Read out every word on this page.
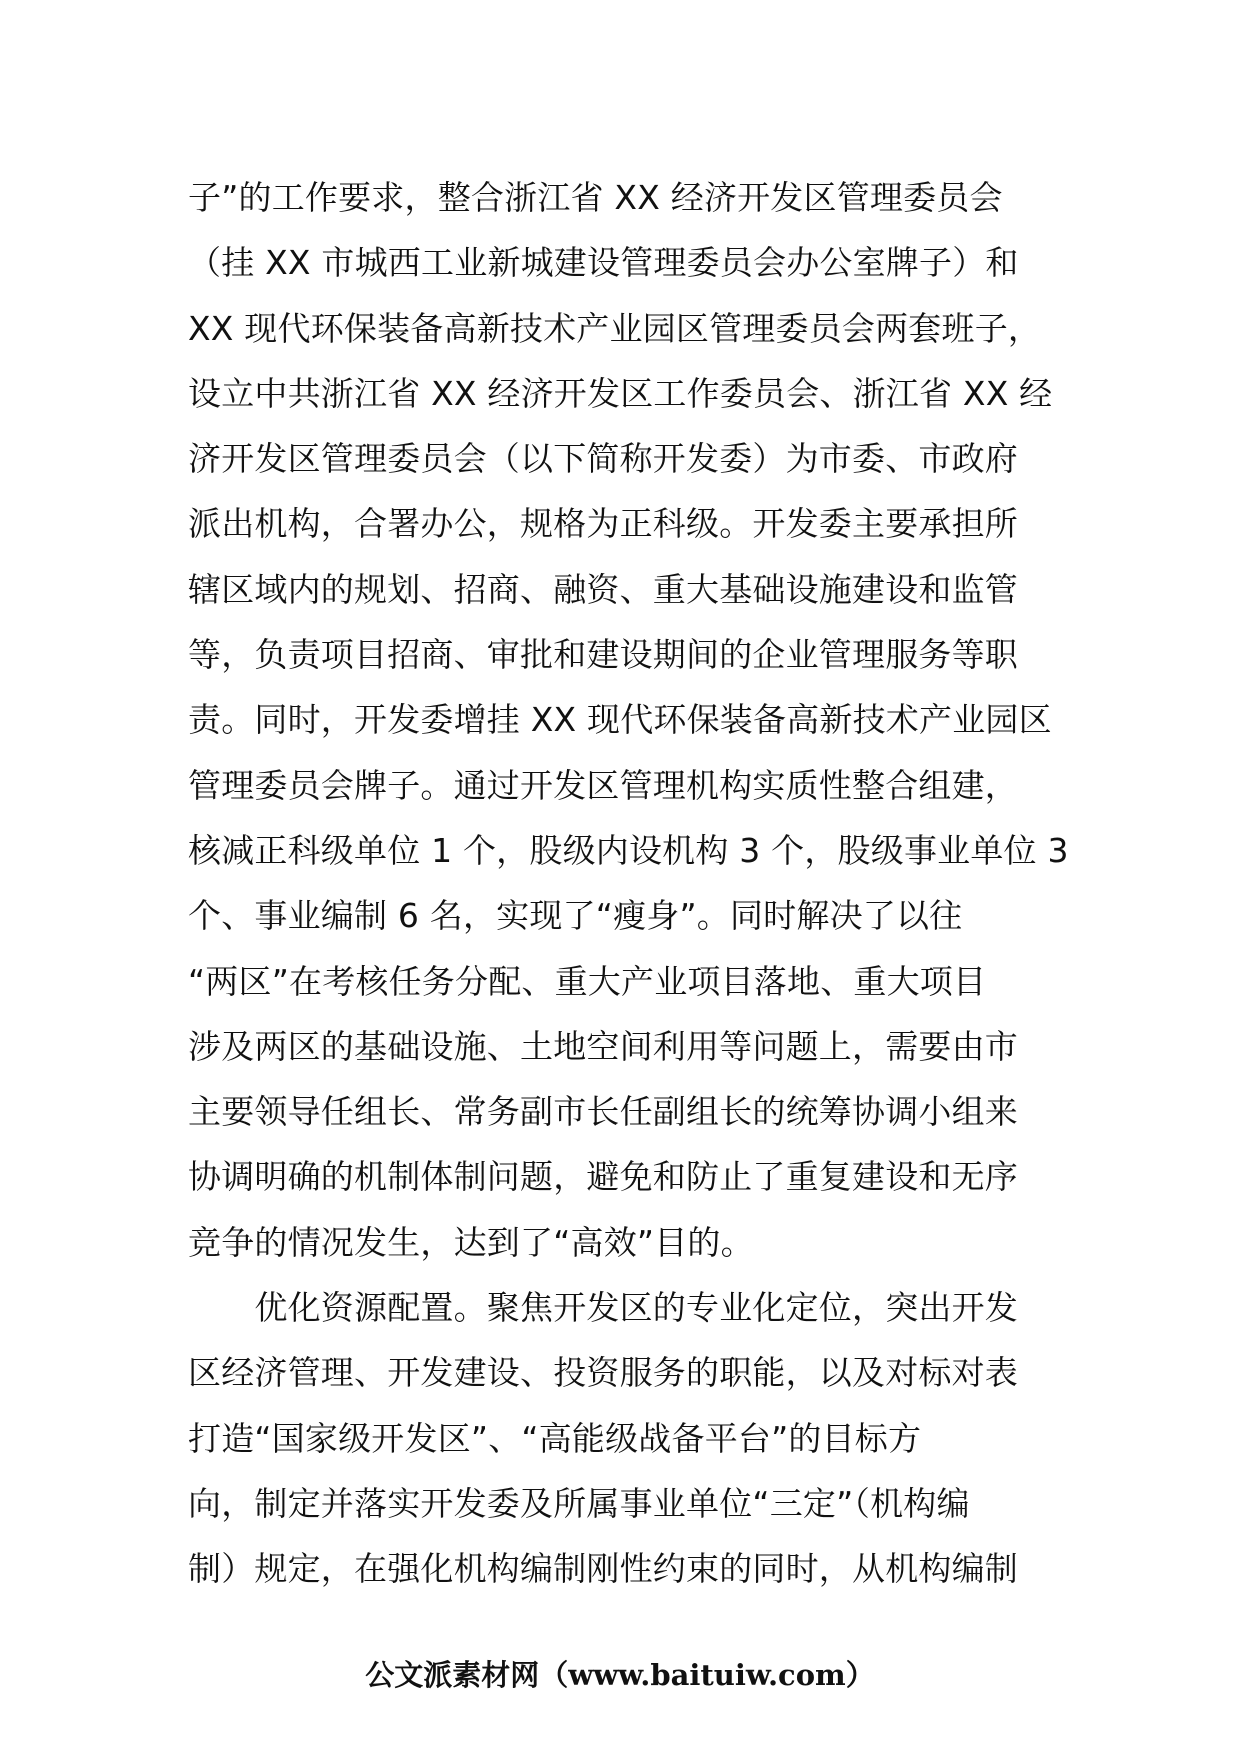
子”的工作要求，整合浙江省 XX 经济开发区管理委员会
（挂 XX 市城西工业新城建设管理委员会办公室牌子）和
XX 现代环保装备高新技术产业园区管理委员会两套班子，
设立中共浙江省 XX 经济开发区工作委员会、浙江省 XX 经
济开发区管理委员会（以下简称开发委）为市委、市政府
派出机构，合署办公，规格为正科级。开发委主要承担所
辖区域内的规划、招商、融资、重大基础设施建设和监管
等，负责项目招商、审批和建设期间的企业管理服务等职
责。同时，开发委增挂 XX 现代环保装备高新技术产业园区
管理委员会牌子。通过开发区管理机构实质性整合组建，
核减正科级单位 1 个，股级内设机构 3 个，股级事业单位 3
个、事业编制 6 名，实现了“瘦身”。同时解决了以往
“两区”在考核任务分配、重大产业项目落地、重大项目
涉及两区的基础设施、土地空间利用等问题上，需要由市
主要领导任组长、常务副市长任副组长的统筹协调小组来
协调明确的机制体制问题，避免和防止了重复建设和无序
竞争的情况发生，达到了“高效”目的。
　　优化资源配置。聚焦开发区的专业化定位，突出开发
区经济管理、开发建设、投资服务的职能，以及对标对表
打造“国家级开发区”、“高能级战备平台”的目标方
向，制定并落实开发委及所属事业单位“三定”（机构编
制）规定，在强化机构编制刚性约束的同时，从机构编制
公文派素材网（www.baituiw.com）
